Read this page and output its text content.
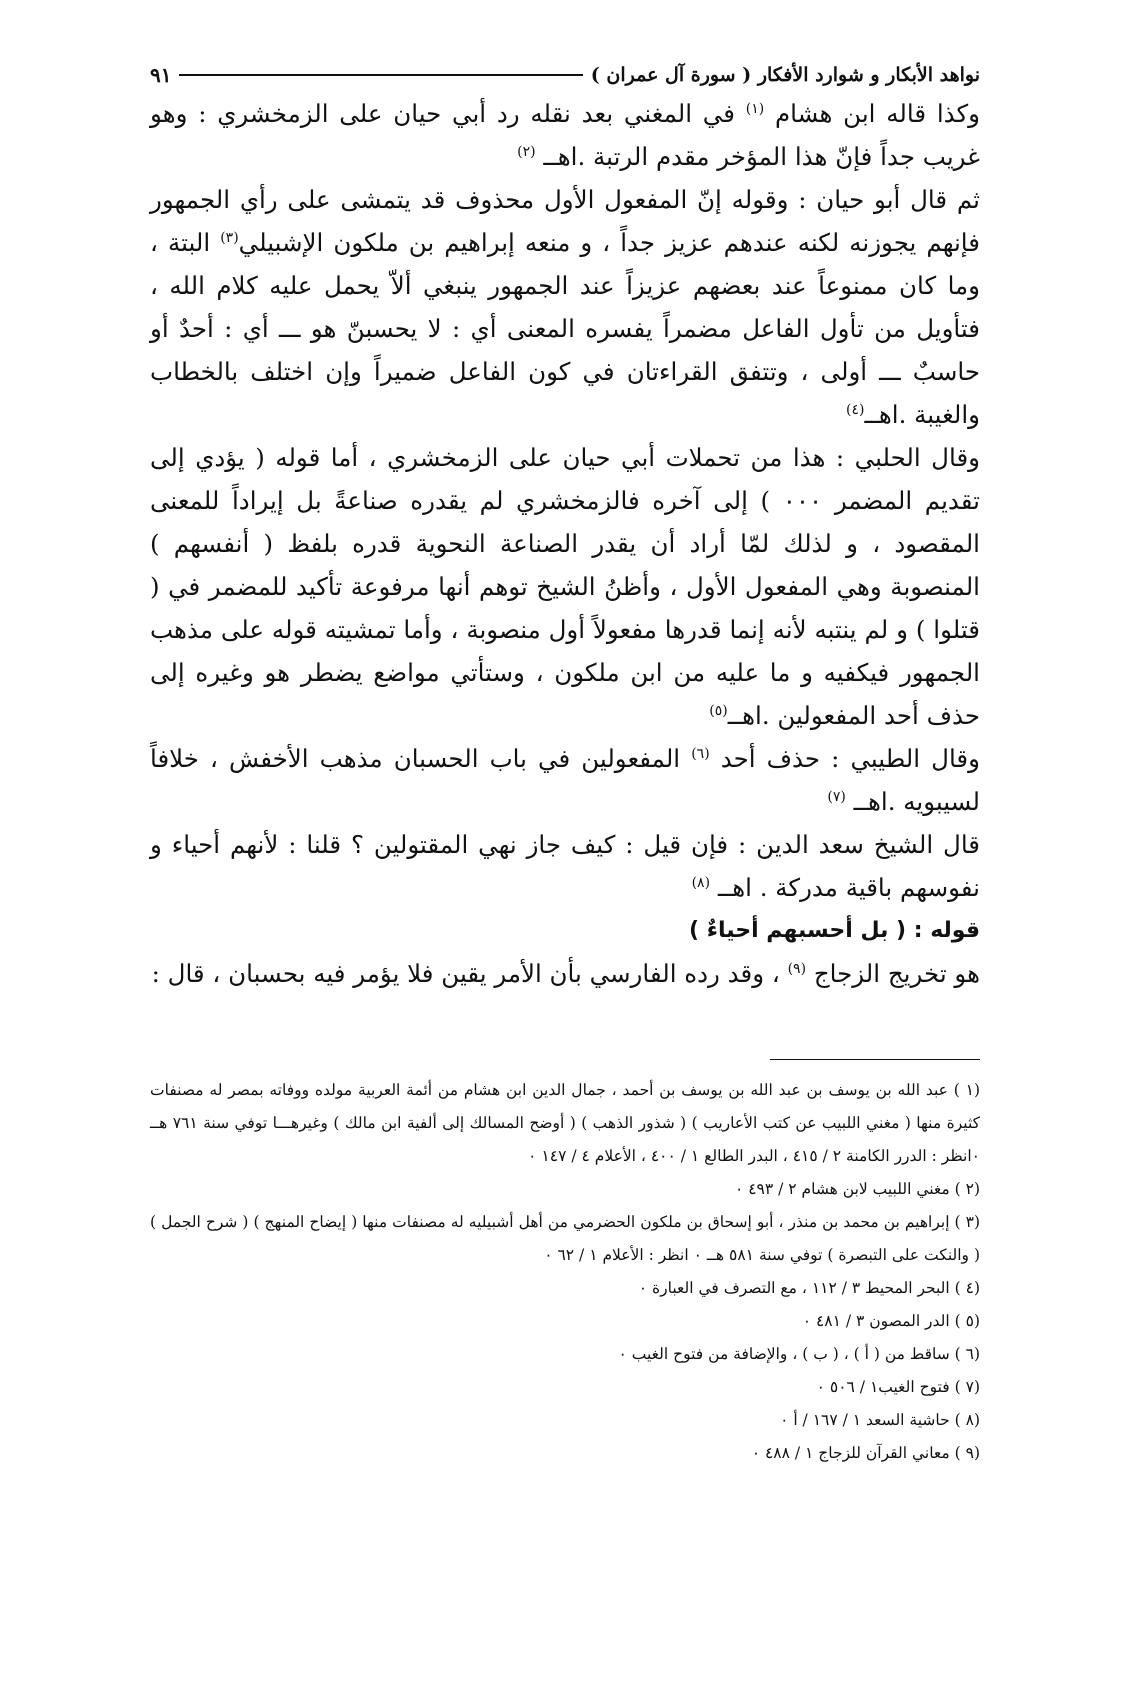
نواهد الأبكار و شوارد الأفكار ( سورة آل عمران )
٩١

وكذا قاله ابن هشام $^{(١)}$ في المغني بعد نقله رد أبي حيان على الزمخشري : وهو غريب جداً فإنّ هذا المؤخر مقدم الرتبة .اهــ $^{(٢)}$

ثم قال أبو حيان : وقوله إنّ المفعول الأول محذوف قد يتمشى على رأي الجمهور فإنهم يجوزنه لكنه عندهم عزيز جداً ، و منعه إبراهيم بن ملكون الإشبيلي$^{(٣)}$ البتة ، وما كان ممنوعاً عند بعضهم عزيزاً عند الجمهور ينبغي ألاّ يحمل عليه كلام الله ، فتأويل من تأول الفاعل مضمراً يفسره المعنى أي : لا يحسبنّ هو ـــ أي : أحدٌ أو حاسبٌ ـــ أولى ، وتتفق القراءتان في كون الفاعل ضميراً وإن اختلف بالخطاب والغيبة .اهــ$^{(٤)}$

وقال الحلبي : هذا من تحملات أبي حيان على الزمخشري ، أما قوله ( يؤدي إلى تقديم المضمر ٠٠٠ ) إلى آخره فالزمخشري لم يقدره صناعةً بل إيراداً للمعنى المقصود ، و لذلك لمّا أراد أن يقدر الصناعة النحوية قدره بلفظ ( أنفسهم ) المنصوبة وهي المفعول الأول ، وأظنُ الشيخ توهم أنها مرفوعة تأكيد للمضمر في ( قتلوا ) و لم ينتبه لأنه إنما قدرها مفعولاً أول منصوبة ، وأما تمشيته قوله على مذهب الجمهور فيكفيه و ما عليه من ابن ملكون ، وستأتي مواضع يضطر هو وغيره إلى حذف أحد المفعولين .اهــ$^{(٥)}$

وقال الطيبي : حذف أحد $^{(٦)}$ المفعولين في باب الحسبان مذهب الأخفش ، خلافاً لسيبويه .اهــ $^{(٧)}$

قال الشيخ سعد الدين : فإن قيل : كيف جاز نهي المقتولين ؟ قلنا : لأنهم أحياء و نفوسهم باقية مدركة . اهــ $^{(٨)}$

قوله : ( بل أحسبهم أحياءٌ )

هو تخريج الزجاج $^{(٩)}$ ، وقد رده الفارسي بأن الأمر يقين فلا يؤمر فيه بحسبان ، قال :

(١ ) عبد الله بن يوسف بن عبد الله بن يوسف بن أحمد ، جمال الدين ابن هشام من أئمة العربية مولده ووفاته بمصر له مصنفات كثيرة منها ( مغني اللبيب عن كتب الأعاريب ) ( شذور الذهب ) ( أوضح المسالك إلى ألفية ابن مالك ) وغيرهـــا توفي سنة ٧٦١ هــ ٠انظر : الدرر الكامنة ٢ / ٤١٥ ، البدر الطالع ١ / ٤٠٠ ، الأعلام ٤ / ١٤٧ ٠

(٢ ) مغني اللبيب لابن هشام ٢ / ٤٩٣ ٠

(٣ ) إبراهيم بن محمد بن منذر ، أبو إسحاق بن ملكون الحضرمي من أهل أشبيليه له مصنفات منها ( إيضاح المنهج ) ( شرح الجمل ) ( والنكت على التبصرة ) توفي سنة ٥٨١ هــ ٠ انظر : الأعلام ١ / ٦٢ ٠

(٤ ) البحر المحيط ٣ / ١١٢ ، مع التصرف في العبارة ٠

(٥ ) الدر المصون ٣ / ٤٨١ ٠

(٦ ) ساقط من ( أ ) ، ( ب ) ، والإضافة من فتوح الغيب ٠

(٧ ) فتوح الغيب١ / ٥٠٦ ٠

(٨ ) حاشية السعد ١ / ١٦٧ / أ ٠

(٩ ) معاني القرآن للزجاج ١ / ٤٨٨ ٠
